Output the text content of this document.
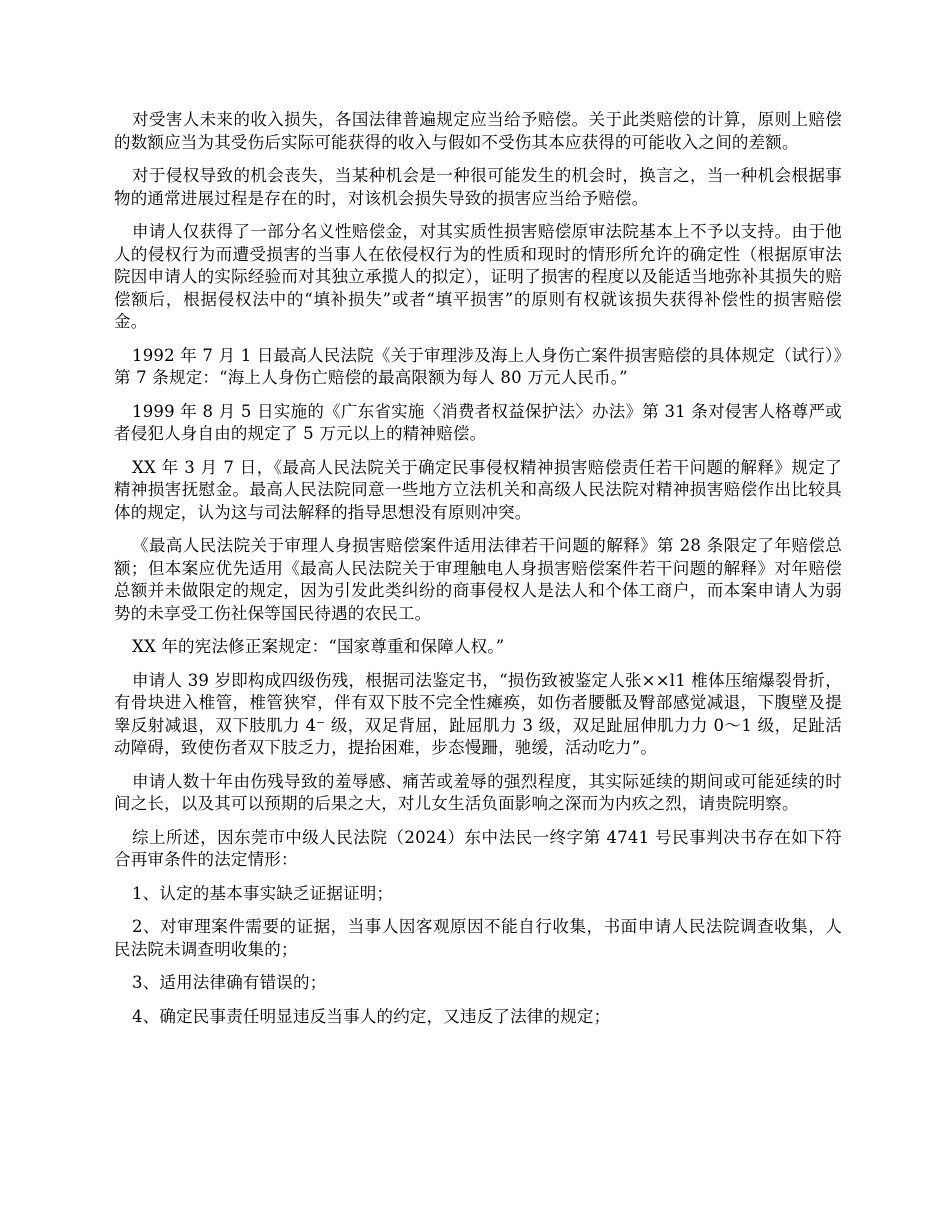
对受害人未来的收入损失，各国法律普遍规定应当给予赔偿。关于此类赔偿的计算，原则上赔偿的数额应当为其受伤后实际可能获得的收入与假如不受伤其本应获得的可能收入之间的差额。

对于侵权导致的机会丧失，当某种机会是一种很可能发生的机会时，换言之，当一种机会根据事物的通常进展过程是存在的时，对该机会损失导致的损害应当给予赔偿。

申请人仅获得了一部分名义性赔偿金，对其实质性损害赔偿原审法院基本上不予以支持。由于他人的侵权行为而遭受损害的当事人在依侵权行为的性质和现时的情形所允许的确定性（根据原审法院因申请人的实际经验而对其独立承揽人的拟定），证明了损害的程度以及能适当地弥补其损失的赔偿额后，根据侵权法中的“填补损失”或者“填平损害”的原则有权就该损失获得补偿性的损害赔偿金。

1992 年 7 月 1 日最高人民法院《关于审理涉及海上人身伤亡案件损害赔偿的具体规定（试行）》第 7 条规定：“海上人身伤亡赔偿的最高限额为每人 80 万元人民币。”

1999 年 8 月 5 日实施的《广东省实施〈消费者权益保护法〉办法》第 31 条对侵害人格尊严或者侵犯人身自由的规定了 5 万元以上的精神赔偿。

XX 年 3 月 7 日，《最高人民法院关于确定民事侵权精神损害赔偿责任若干问题的解释》规定了精神损害抚慰金。最高人民法院同意一些地方立法机关和高级人民法院对精神损害赔偿作出比较具体的规定，认为这与司法解释的指导思想没有原则冲突。

《最高人民法院关于审理人身损害赔偿案件适用法律若干问题的解释》第 28 条限定了年赔偿总额；但本案应优先适用《最高人民法院关于审理触电人身损害赔偿案件若干问题的解释》对年赔偿总额并未做限定的规定，因为引发此类纠纷的商事侵权人是法人和个体工商户，而本案申请人为弱势的未享受工伤社保等国民待遇的农民工。

XX 年的宪法修正案规定：“国家尊重和保障人权。”

申请人 39 岁即构成四级伤残，根据司法鉴定书，“损伤致被鉴定人张××l1 椎体压缩爆裂骨折，有骨块进入椎管，椎管狭窄，伴有双下肢不完全性瘫痪，如伤者腰骶及臀部感觉减退，下腹壁及提睾反射减退，双下肢肌力 4⁻ 级，双足背屈，趾屈肌力 3 级，双足趾屈伸肌力力 0～1 级，足趾活动障碍，致使伤者双下肢乏力，提抬困难，步态慢跚，驰缓，活动吃力”。

申请人数十年由伤残导致的羞辱感、痛苦或羞辱的强烈程度，其实际延续的期间或可能延续的时间之长，以及其可以预期的后果之大，对儿女生活负面影响之深而为内疚之烈，请贵院明察。

综上所述，因东莞市中级人民法院（2024）东中法民一终字第 4741 号民事判决书存在如下符合再审条件的法定情形：

1、认定的基本事实缺乏证据证明；

2、对审理案件需要的证据，当事人因客观原因不能自行收集，书面申请人民法院调查收集，人民法院未调查明收集的；

3、适用法律确有错误的；

4、确定民事责任明显违反当事人的约定，又违反了法律的规定；
